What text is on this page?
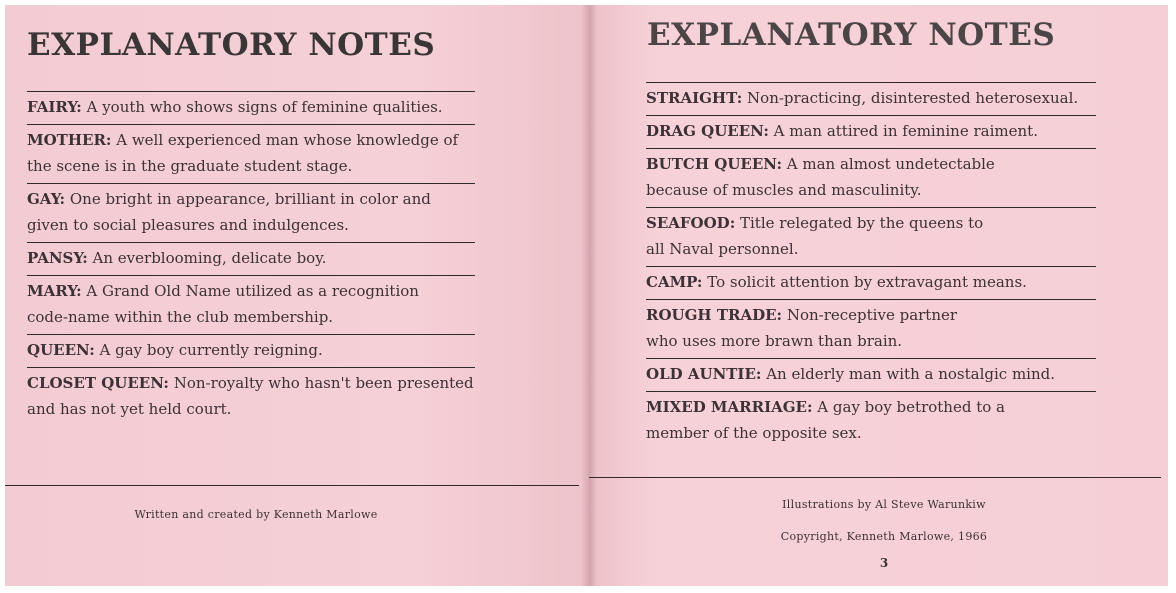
EXPLANATORY NOTES
FAIRY: A youth who shows signs of feminine qualities.
MOTHER: A well experienced man whose knowledge of the scene is in the graduate student stage.
GAY: One bright in appearance, brilliant in color and given to social pleasures and indulgences.
PANSY: An everblooming, delicate boy.
MARY: A Grand Old Name utilized as a recognition code-name within the club membership.
QUEEN: A gay boy currently reigning.
CLOSET QUEEN: Non-royalty who hasn't been presented and has not yet held court.
Written and created by Kenneth Marlowe
EXPLANATORY NOTES
STRAIGHT: Non-practicing, disinterested heterosexual.
DRAG QUEEN: A man attired in feminine raiment.
BUTCH QUEEN: A man almost undetectable because of muscles and masculinity.
SEAFOOD: Title relegated by the queens to all Naval personnel.
CAMP: To solicit attention by extravagant means.
ROUGH TRADE: Non-receptive partner who uses more brawn than brain.
OLD AUNTIE: An elderly man with a nostalgic mind.
MIXED MARRIAGE: A gay boy betrothed to a member of the opposite sex.
Illustrations by Al Steve Warunkiw
Copyright, Kenneth Marlowe, 1966
3
